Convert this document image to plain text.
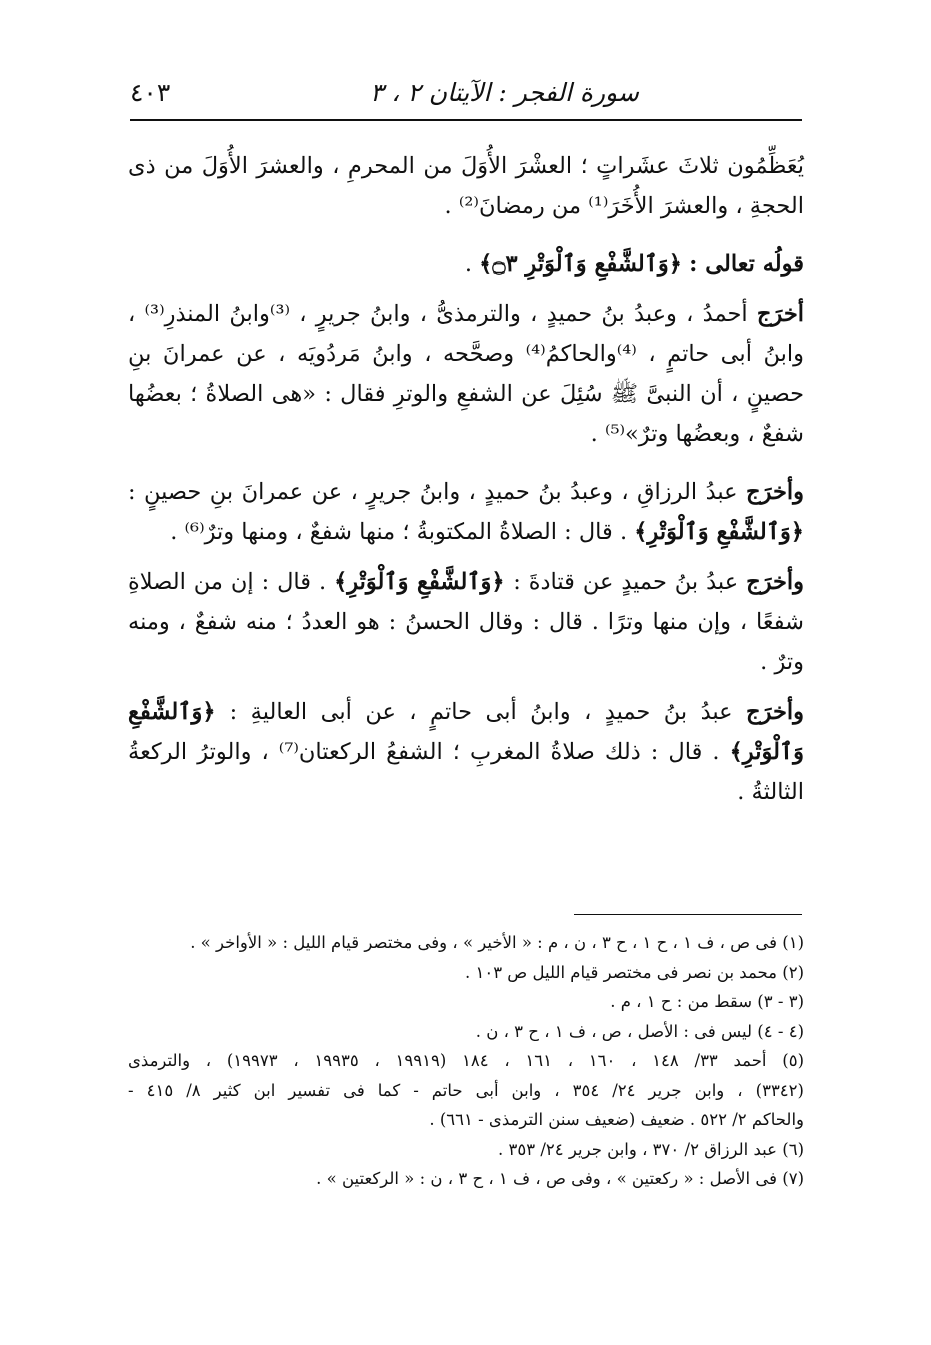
٤٠٣	سورة الفجر : الآيتان ٢ ، ٣

يُعَظِّمُون ثلاثَ عشَراتٍ ؛ العشْرَ الأُوَلَ من المحرمِ ، والعشرَ الأُوَلَ من ذى الحجةِ ، والعشرَ الأُخَرَ⁽¹⁾ من رمضانَ⁽²⁾ .

قولُه تعالى : ﴿وَٱلشَّفْعِ وَٱلْوَتْرِ ۝٣﴾ .

أخرَج أحمدُ ، وعبدُ بنُ حميدٍ ، والترمذىُّ ، وابنُ جريرٍ ، ⁽³⁾وابنُ المنذرِ⁽³⁾ ، وابنُ أبى حاتمٍ ، ⁽⁴⁾والحاكمُ⁽⁴⁾ وصحَّحه ، وابنُ مَردُويَه ، عن عمرانَ بنِ حصينٍ ، أن النبىَّ ﷺ سُئِلَ عن الشفعِ والوترِ فقال : «هى الصلاةُ ؛ بعضُها شفعٌ ، وبعضُها وترٌ»⁽⁵⁾ .

وأخرَج عبدُ الرزاقِ ، وعبدُ بنُ حميدٍ ، وابنُ جريرٍ ، عن عمرانَ بنِ حصينٍ : ﴿وَٱلشَّفْعِ وَٱلْوَتْرِ﴾ . قال : الصلاةُ المكتوبةُ ؛ منها شفعٌ ، ومنها وترٌ⁽⁶⁾ .

وأخرَج عبدُ بنُ حميدٍ عن قتادةَ : ﴿وَٱلشَّفْعِ وَٱلْوَتْرِ﴾ . قال : إن من الصلاةِ شفعًا ، وإن منها وترًا . قال : وقال الحسنُ : هو العددُ ؛ منه شفعٌ ، ومنه وترٌ .

وأخرَج عبدُ بنُ حميدٍ ، وابنُ أبى حاتمٍ ، عن أبى العاليةِ : ﴿وَٱلشَّفْعِ وَٱلْوَتْرِ﴾ . قال : ذلك صلاةُ المغربِ ؛ الشفعُ الركعتان⁽⁷⁾ ، والوترُ الركعةُ الثالثةُ .

(١) فى ص ، ف ١ ، ح ١ ، ح ٣ ، ن ، م : « الأخير » ، وفى مختصر قيام الليل : « الأواخر » .

(٢) محمد بن نصر فى مختصر قيام الليل ص ١٠٣ .

(٣ - ٣) سقط من : ح ١ ، م .

(٤ - ٤) ليس فى : الأصل ، ص ، ف ١ ، ح ٣ ، ن .

(٥) أحمد ٣٣/ ١٤٨ ، ١٦٠ ، ١٦١ ، ١٨٤ (١٩٩١٩ ، ١٩٩٣٥ ، ١٩٩٧٣) ، والترمذى

(٣٣٤٢) ، وابن جرير ٢٤/ ٣٥٤ ، وابن أبى حاتم - كما فى تفسير ابن كثير ٨/ ٤١٥ -

والحاكم ٢/ ٥٢٢ . ضعيف (ضعيف سنن الترمذى - ٦٦١) .

(٦) عبد الرزاق ٢/ ٣٧٠ ، وابن جرير ٢٤/ ٣٥٣ .

(٧) فى الأصل : « ركعتين » ، وفى ص ، ف ١ ، ح ٣ ، ن : « الركعتين » .
